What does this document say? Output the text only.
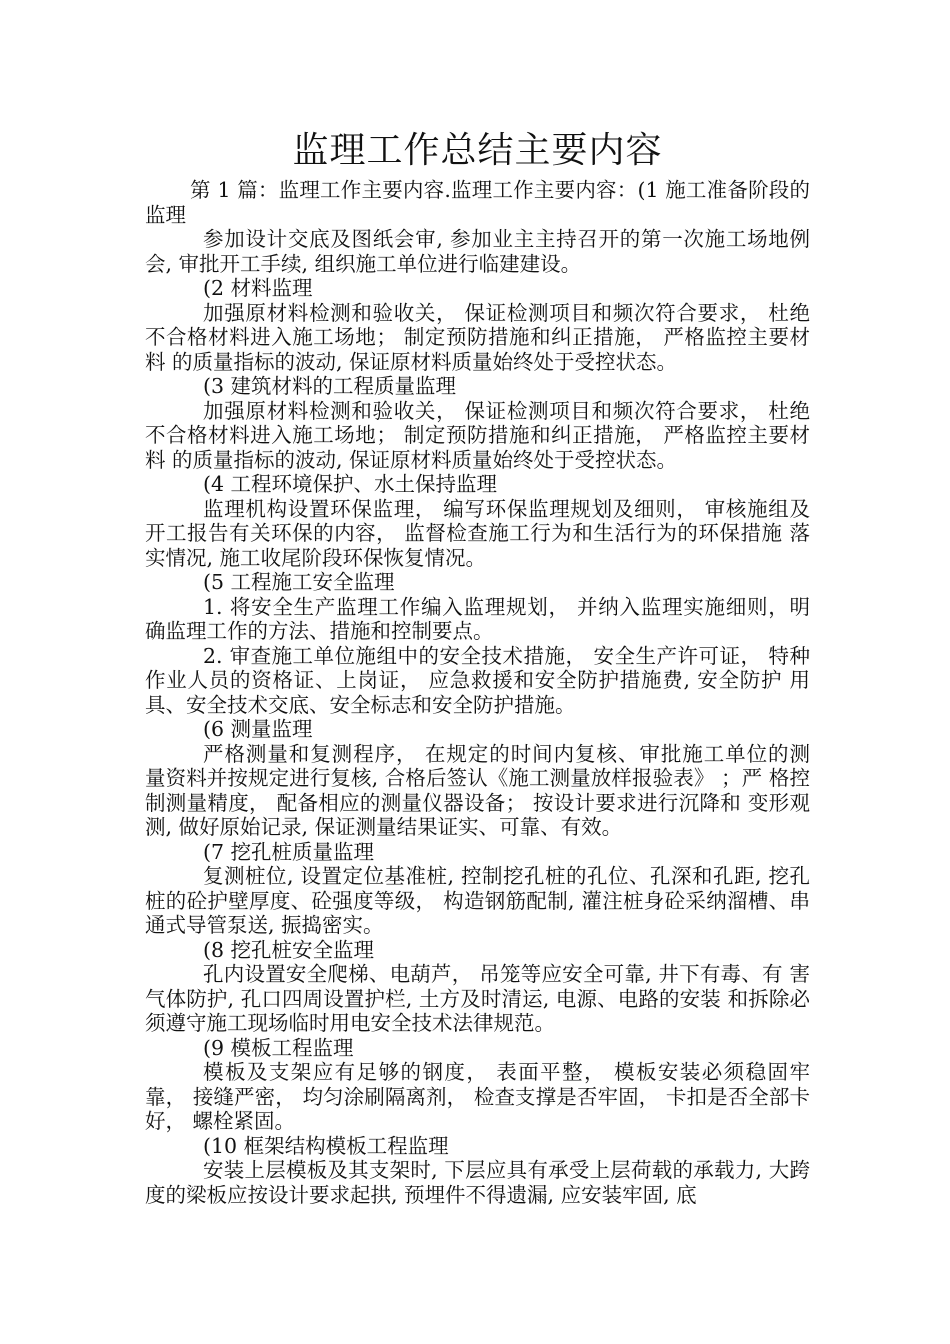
监理工作总结主要内容

第 1 篇：监理工作主要内容.监理工作主要内容：(1 施工准备阶段的监理

参加设计交底及图纸会审, 参加业主主持召开的第一次施工场地例 会, 审批开工手续, 组织施工单位进行临建建设。

(2 材料监理

加强原材料检测和验收关， 保证检测项目和频次符合要求， 杜绝 不合格材料进入施工场地； 制定预防措施和纠正措施， 严格监控主要材料 的质量指标的波动, 保证原材料质量始终处于受控状态。

(3 建筑材料的工程质量监理

加强原材料检测和验收关， 保证检测项目和频次符合要求， 杜绝 不合格材料进入施工场地； 制定预防措施和纠正措施， 严格监控主要材料 的质量指标的波动, 保证原材料质量始终处于受控状态。

(4 工程环境保护、水土保持监理

监理机构设置环保监理， 编写环保监理规划及细则， 审核施组及 开工报告有关环保的内容， 监督检查施工行为和生活行为的环保措施 落实情况, 施工收尾阶段环保恢复情况。

(5 工程施工安全监理

1. 将安全生产监理工作编入监理规划， 并纳入监理实施细则，明 确监理工作的方法、措施和控制要点。

2. 审查施工单位施组中的安全技术措施， 安全生产许可证， 特种 作业人员的资格证、上岗证， 应急救援和安全防护措施费, 安全防护 用具、安全技术交底、安全标志和安全防护措施。

(6 测量监理

严格测量和复测程序， 在规定的时间内复核、审批施工单位的测 量资料并按规定进行复核, 合格后签认《施工测量放样报验表》 ；严 格控制测量精度， 配备相应的测量仪器设备； 按设计要求进行沉降和 变形观测, 做好原始记录, 保证测量结果证实、可靠、有效。

(7 挖孔桩质量监理

复测桩位, 设置定位基准桩, 控制挖孔桩的孔位、孔深和孔距, 挖孔桩的砼护壁厚度、砼强度等级， 构造钢筋配制, 灌注桩身砼采纳溜槽、串通式导管泵送, 振捣密实。

(8 挖孔桩安全监理

孔内设置安全爬梯、电葫芦， 吊笼等应安全可靠, 井下有毒、有 害气体防护, 孔口四周设置护栏, 土方及时清运, 电源、电路的安装 和拆除必须遵守施工现场临时用电安全技术法律规范。

(9 模板工程监理

模板及支架应有足够的钢度， 表面平整， 模板安装必须稳固牢靠， 接缝严密， 均匀涂刷隔离剂， 检查支撑是否牢固， 卡扣是否全部卡好， 螺栓紧固。

(10 框架结构模板工程监理

安装上层模板及其支架时, 下层应具有承受上层荷载的承载力, 大跨度的梁板应按设计要求起拱, 预埋件不得遗漏, 应安装牢固, 底
